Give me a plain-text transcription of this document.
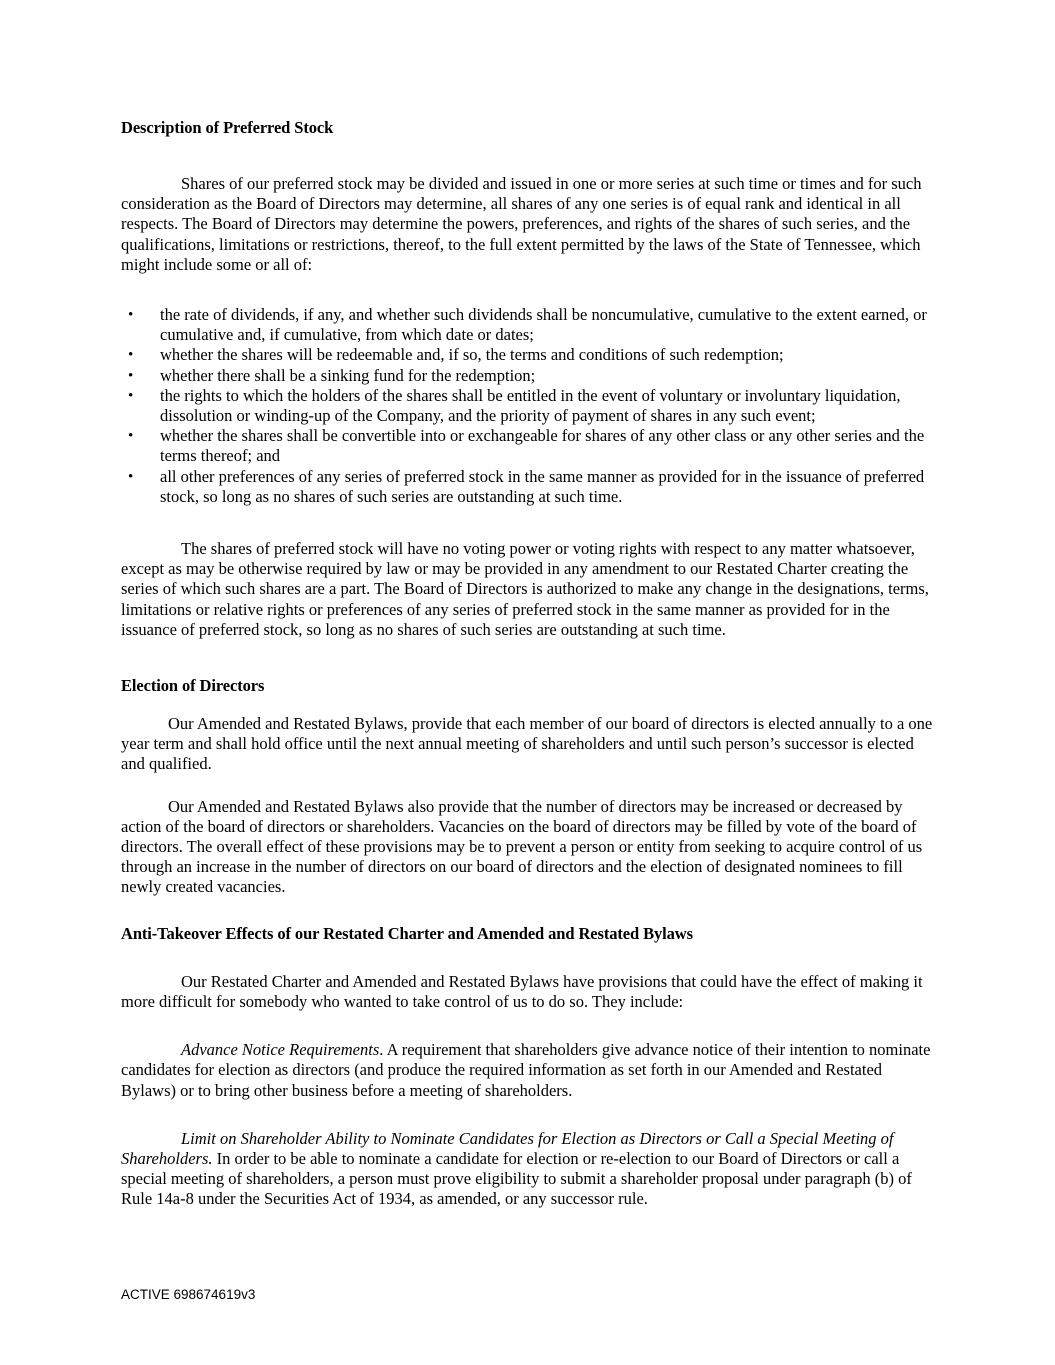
Description of Preferred Stock

Shares of our preferred stock may be divided and issued in one or more series at such time or times and for such consideration as the Board of Directors may determine, all shares of any one series is of equal rank and identical in all respects. The Board of Directors may determine the powers, preferences, and rights of the shares of such series, and the qualifications, limitations or restrictions, thereof, to the full extent permitted by the laws of the State of Tennessee, which might include some or all of:

•	the rate of dividends, if any, and whether such dividends shall be noncumulative, cumulative to the extent earned, or cumulative and, if cumulative, from which date or dates;
•	whether the shares will be redeemable and, if so, the terms and conditions of such redemption;
•	whether there shall be a sinking fund for the redemption;
•	the rights to which the holders of the shares shall be entitled in the event of voluntary or involuntary liquidation, dissolution or winding-up of the Company, and the priority of payment of shares in any such event;
•	whether the shares shall be convertible into or exchangeable for shares of any other class or any other series and the terms thereof; and
•	all other preferences of any series of preferred stock in the same manner as provided for in the issuance of preferred stock, so long as no shares of such series are outstanding at such time.

The shares of preferred stock will have no voting power or voting rights with respect to any matter whatsoever, except as may be otherwise required by law or may be provided in any amendment to our Restated Charter creating the series of which such shares are a part. The Board of Directors is authorized to make any change in the designations, terms, limitations or relative rights or preferences of any series of preferred stock in the same manner as provided for in the issuance of preferred stock, so long as no shares of such series are outstanding at such time.

Election of Directors

Our Amended and Restated Bylaws, provide that each member of our board of directors is elected annually to a one year term and shall hold office until the next annual meeting of shareholders and until such person’s successor is elected and qualified.

Our Amended and Restated Bylaws also provide that the number of directors may be increased or decreased by action of the board of directors or shareholders. Vacancies on the board of directors may be filled by vote of the board of directors. The overall effect of these provisions may be to prevent a person or entity from seeking to acquire control of us through an increase in the number of directors on our board of directors and the election of designated nominees to fill newly created vacancies.

Anti-Takeover Effects of our Restated Charter and Amended and Restated Bylaws

Our Restated Charter and Amended and Restated Bylaws have provisions that could have the effect of making it more difficult for somebody who wanted to take control of us to do so. They include:

Advance Notice Requirements. A requirement that shareholders give advance notice of their intention to nominate candidates for election as directors (and produce the required information as set forth in our Amended and Restated Bylaws) or to bring other business before a meeting of shareholders.

Limit on Shareholder Ability to Nominate Candidates for Election as Directors or Call a Special Meeting of Shareholders. In order to be able to nominate a candidate for election or re-election to our Board of Directors or call a special meeting of shareholders, a person must prove eligibility to submit a shareholder proposal under paragraph (b) of Rule 14a-8 under the Securities Act of 1934, as amended, or any successor rule.

ACTIVE 698674619v3
